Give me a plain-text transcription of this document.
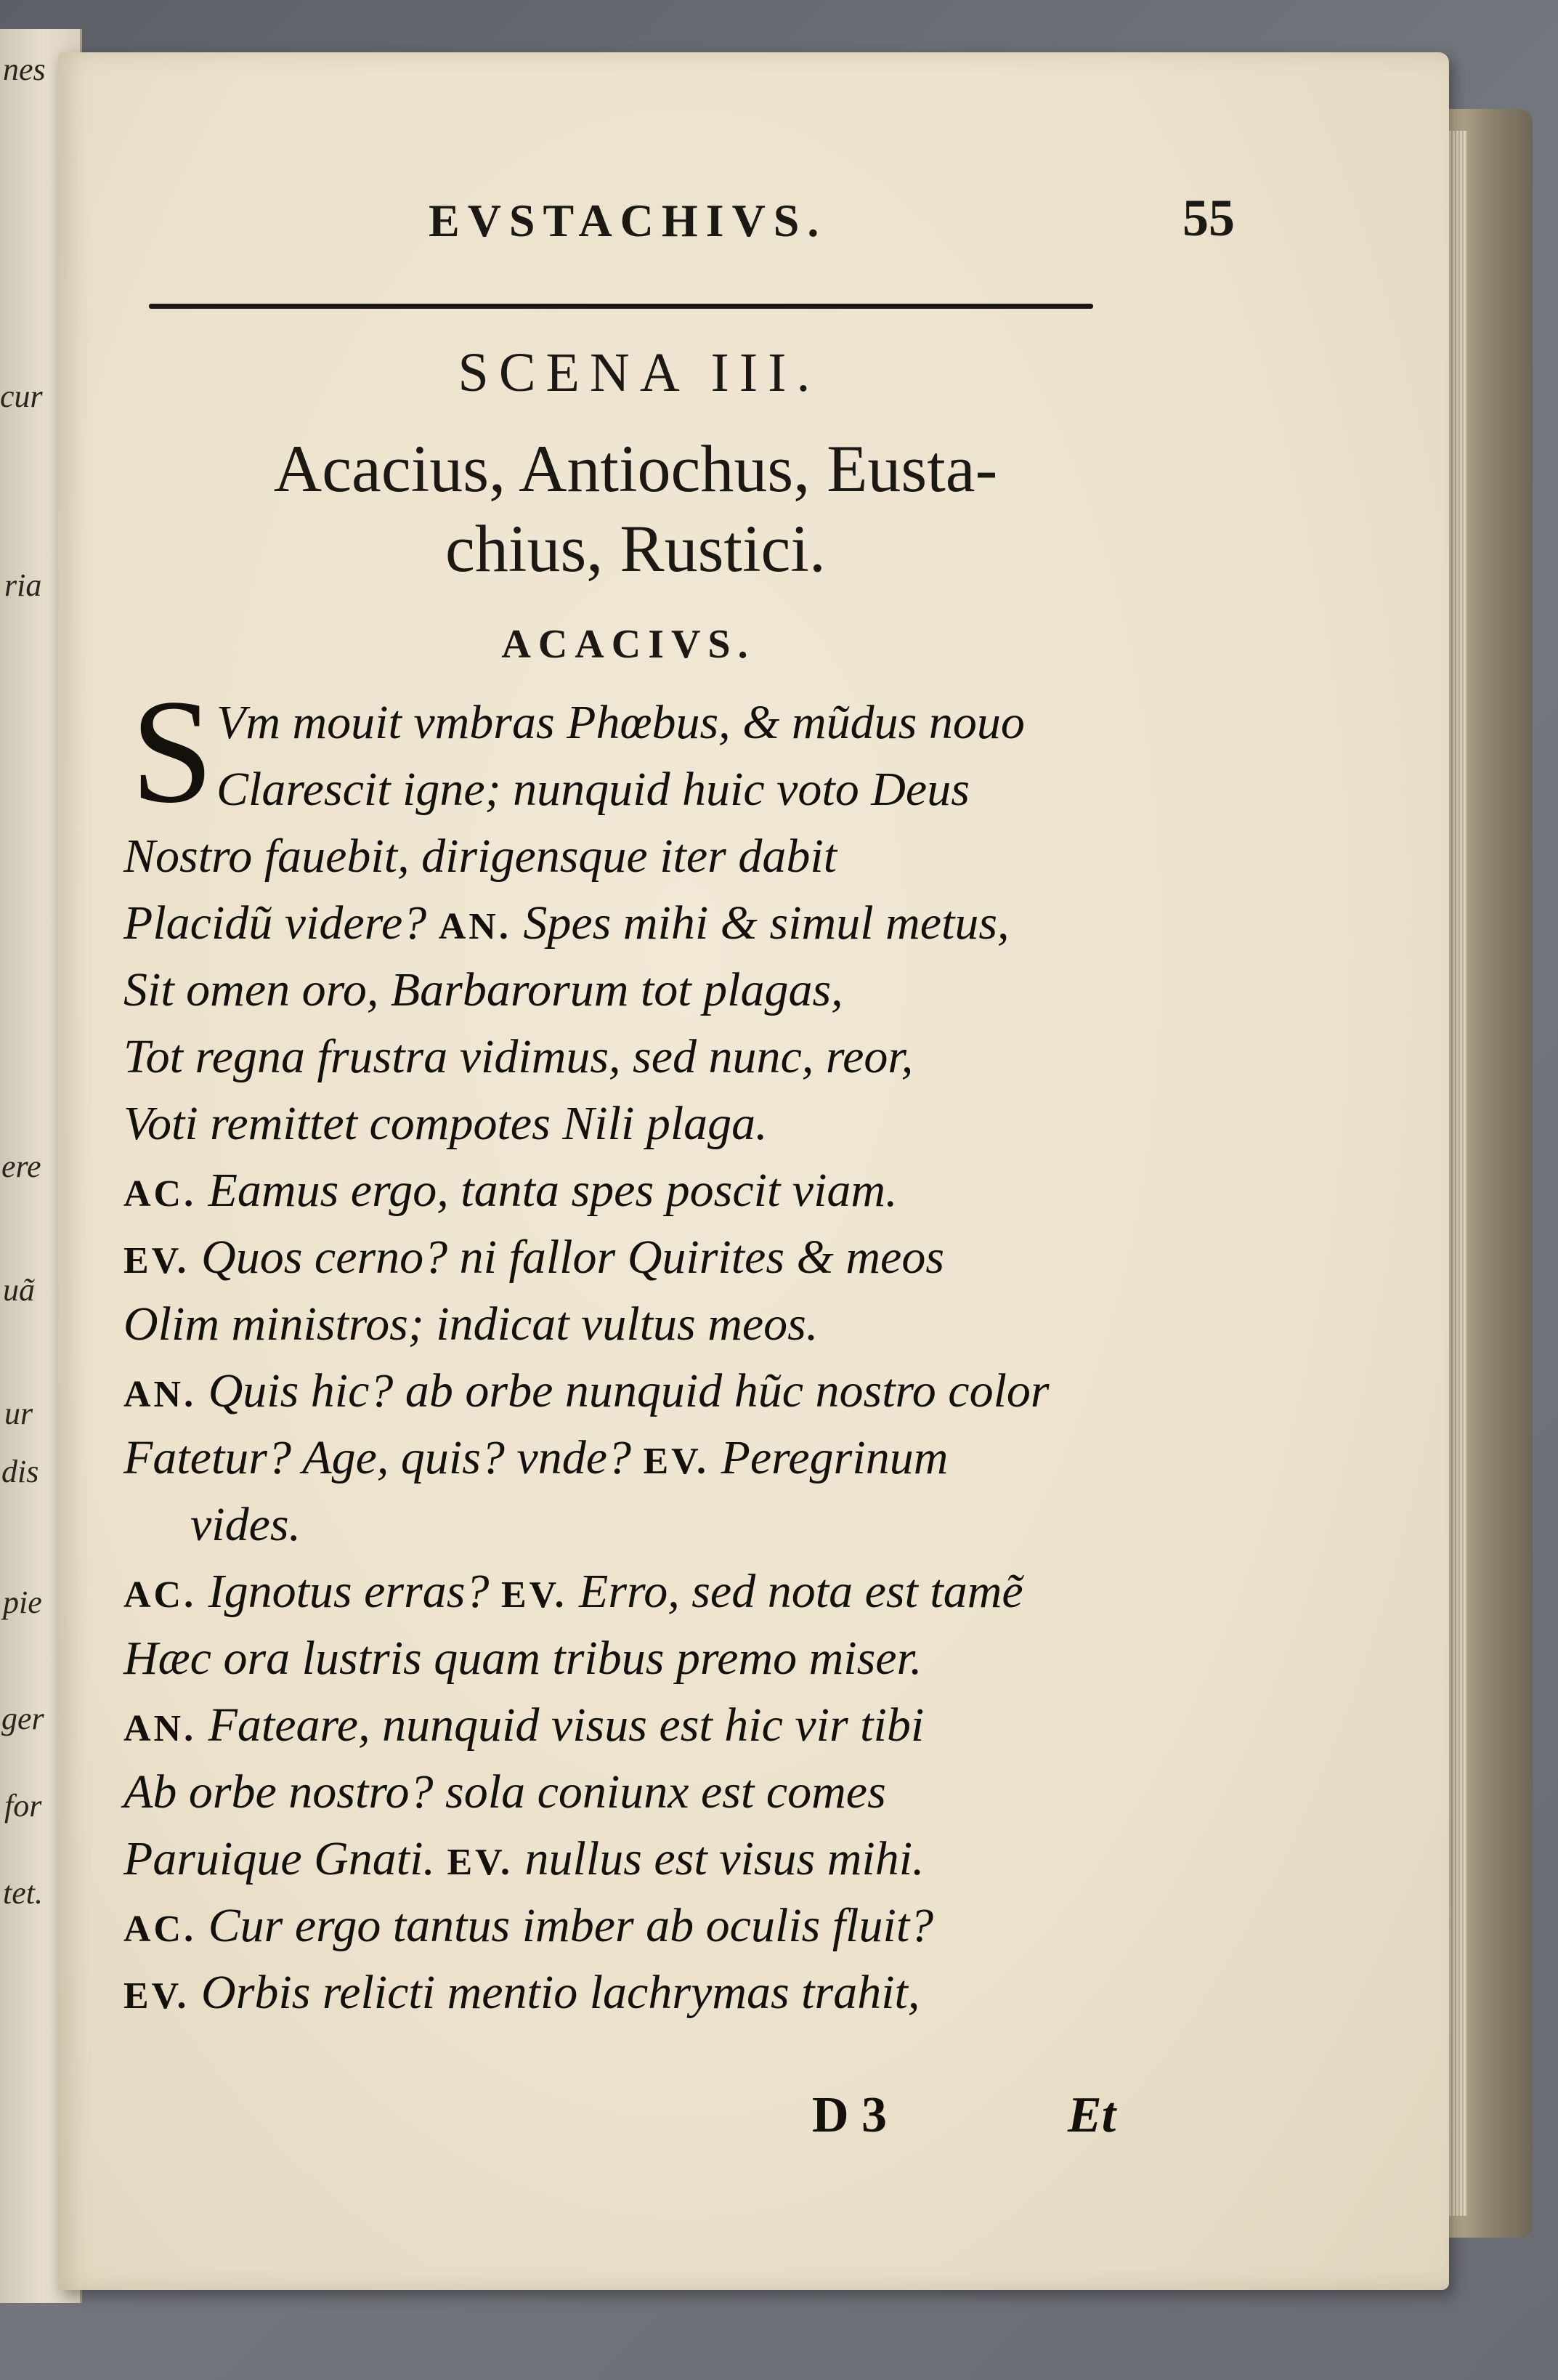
nes
cur
ria
ere
uã
ur
dis
pie
ger
for
tet.
EVSTACHIVS.	55
SCENA III.
Acacius, Antiochus, Eusta-
chius, Rustici.
ACACIVS.
S Vm mouit vmbras Phœbus, & mũdus nouo
Clarescit igne; nunquid huic voto Deus
Nostro fauebit, dirigensque iter dabit
Placidũ videre? AN. Spes mihi & simul metus,
Sit omen oro, Barbarorum tot plagas,
Tot regna frustra vidimus, sed nunc, reor,
Voti remittet compotes Nili plaga.
AC. Eamus ergo, tanta spes poscit viam.
EV. Quos cerno? ni fallor Quirites & meos
Olim ministros; indicat vultus meos.
AN. Quis hic? ab orbe nunquid hũc nostro color
Fatetur? Age, quis? vnde? EV. Peregrinum
vides.
AC. Ignotus erras? EV. Erro, sed nota est tamẽ
Hæc ora lustris quam tribus premo miser.
AN. Fateare, nunquid visus est hic vir tibi
Ab orbe nostro? sola coniunx est comes
Paruique Gnati. EV. nullus est visus mihi.
AC. Cur ergo tantus imber ab oculis fluit?
EV. Orbis relicti mentio lachrymas trahit,
D 3	Et
